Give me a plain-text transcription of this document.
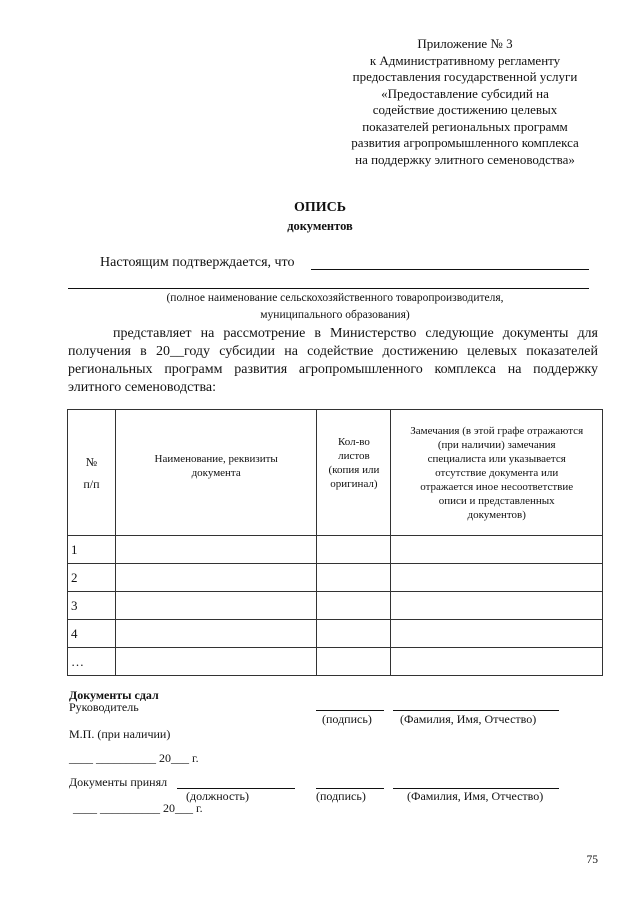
Приложение № 3
к Административному регламенту
предоставления государственной услуги
«Предоставление субсидий на
содействие достижению целевых
показателей региональных программ
развития агропромышленного комплекса
на поддержку элитного семеноводства»
ОПИСЬ
документов
Настоящим подтверждается, что
(полное наименование сельскохозяйственного товаропроизводителя,
муниципального образования)
представляет на рассмотрение в Министерство следующие документы для получения в 20__году субсидии на содействие достижению целевых показателей региональных программ развития агропромышленного комплекса на поддержку элитного семеноводства:
№
п/п	Наименование, реквизиты документа	Кол-во листов (копия или оригинал)	Замечания (в этой графе отражаются (при наличии) замечания специалиста или указывается отсутствие документа или отражается иное несоответствие описи и представленных документов)

1			
2			
3			
4			
…			
Документы сдал
Руководитель
(подпись) (Фамилия, Имя, Отчество)
М.П. (при наличии)
____ __________ 20___ г.
Документы принял
(должность)	(подпись)	(Фамилия, Имя, Отчество)
____ __________ 20___ г.
75
